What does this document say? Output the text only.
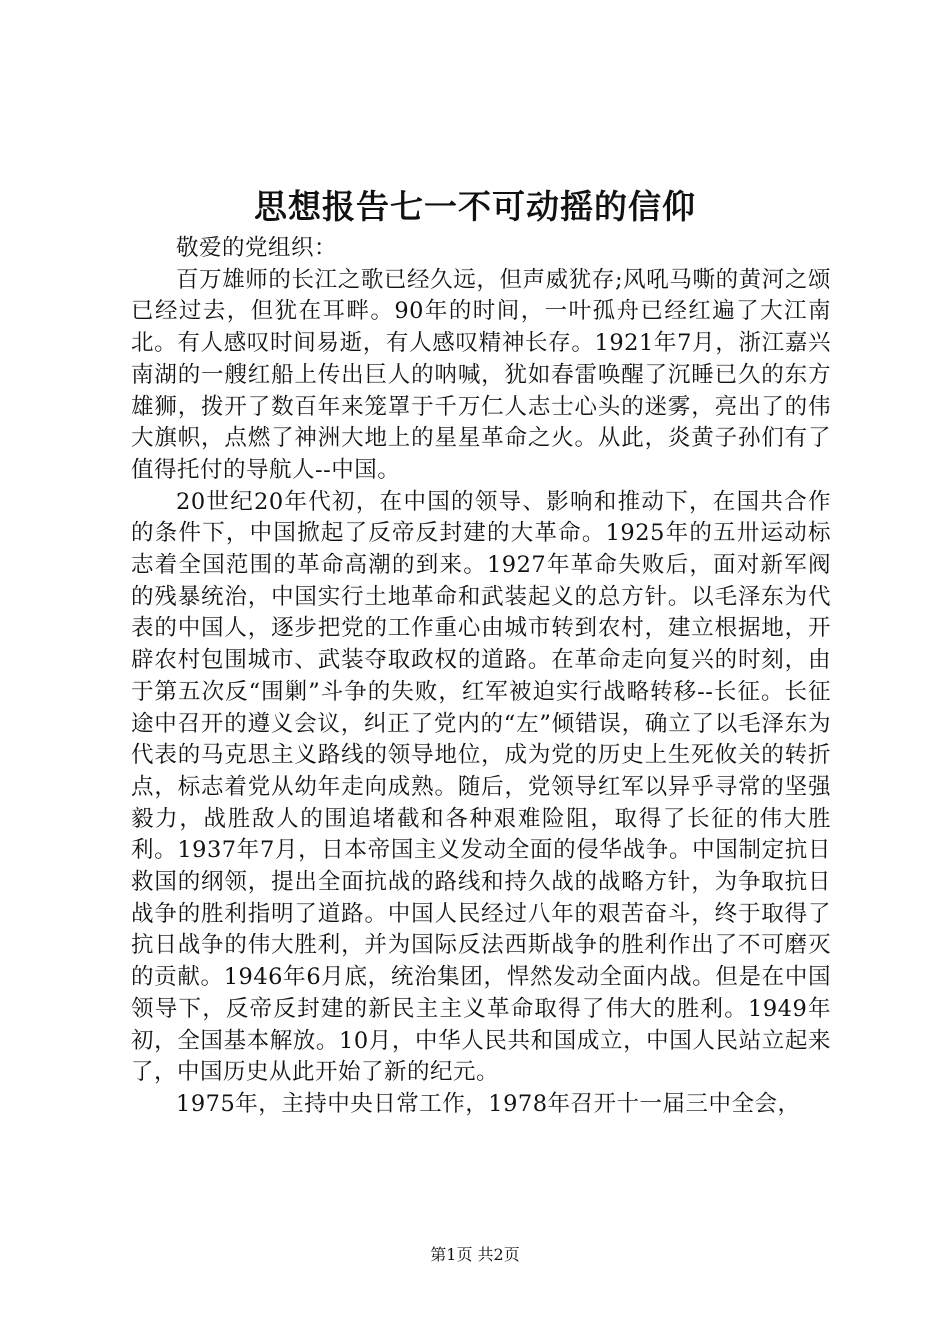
思想报告七一不可动摇的信仰

敬爱的党组织：

百万雄师的长江之歌已经久远，但声威犹存;风吼马嘶的黄河之颂已经过去，但犹在耳畔。90年的时间，一叶孤舟已经红遍了大江南北。有人感叹时间易逝，有人感叹精神长存。1921年7月，浙江嘉兴南湖的一艘红船上传出巨人的呐喊，犹如春雷唤醒了沉睡已久的东方雄狮，拨开了数百年来笼罩于千万仁人志士心头的迷雾，亮出了的伟大旗帜，点燃了神洲大地上的星星革命之火。从此，炎黄子孙们有了值得托付的导航人--中国。

20世纪20年代初，在中国的领导、影响和推动下，在国共合作的条件下，中国掀起了反帝反封建的大革命。1925年的五卅运动标志着全国范围的革命高潮的到来。1927年革命失败后，面对新军阀的残暴统治，中国实行土地革命和武装起义的总方针。以毛泽东为代表的中国人，逐步把党的工作重心由城市转到农村，建立根据地，开辟农村包围城市、武装夺取政权的道路。在革命走向复兴的时刻，由于第五次反“围剿”斗争的失败，红军被迫实行战略转移--长征。长征途中召开的遵义会议，纠正了党内的“左”倾错误，确立了以毛泽东为代表的马克思主义路线的领导地位，成为党的历史上生死攸关的转折点，标志着党从幼年走向成熟。随后，党领导红军以异乎寻常的坚强毅力，战胜敌人的围追堵截和各种艰难险阻，取得了长征的伟大胜利。1937年7月，日本帝国主义发动全面的侵华战争。中国制定抗日救国的纲领，提出全面抗战的路线和持久战的战略方针，为争取抗日战争的胜利指明了道路。中国人民经过八年的艰苦奋斗，终于取得了抗日战争的伟大胜利，并为国际反法西斯战争的胜利作出了不可磨灭的贡献。1946年6月底，统治集团，悍然发动全面内战。但是在中国领导下，反帝反封建的新民主主义革命取得了伟大的胜利。1949年初，全国基本解放。10月，中华人民共和国成立，中国人民站立起来了，中国历史从此开始了新的纪元。

1975年，主持中央日常工作，1978年召开十一届三中全会，

第1页 共2页
